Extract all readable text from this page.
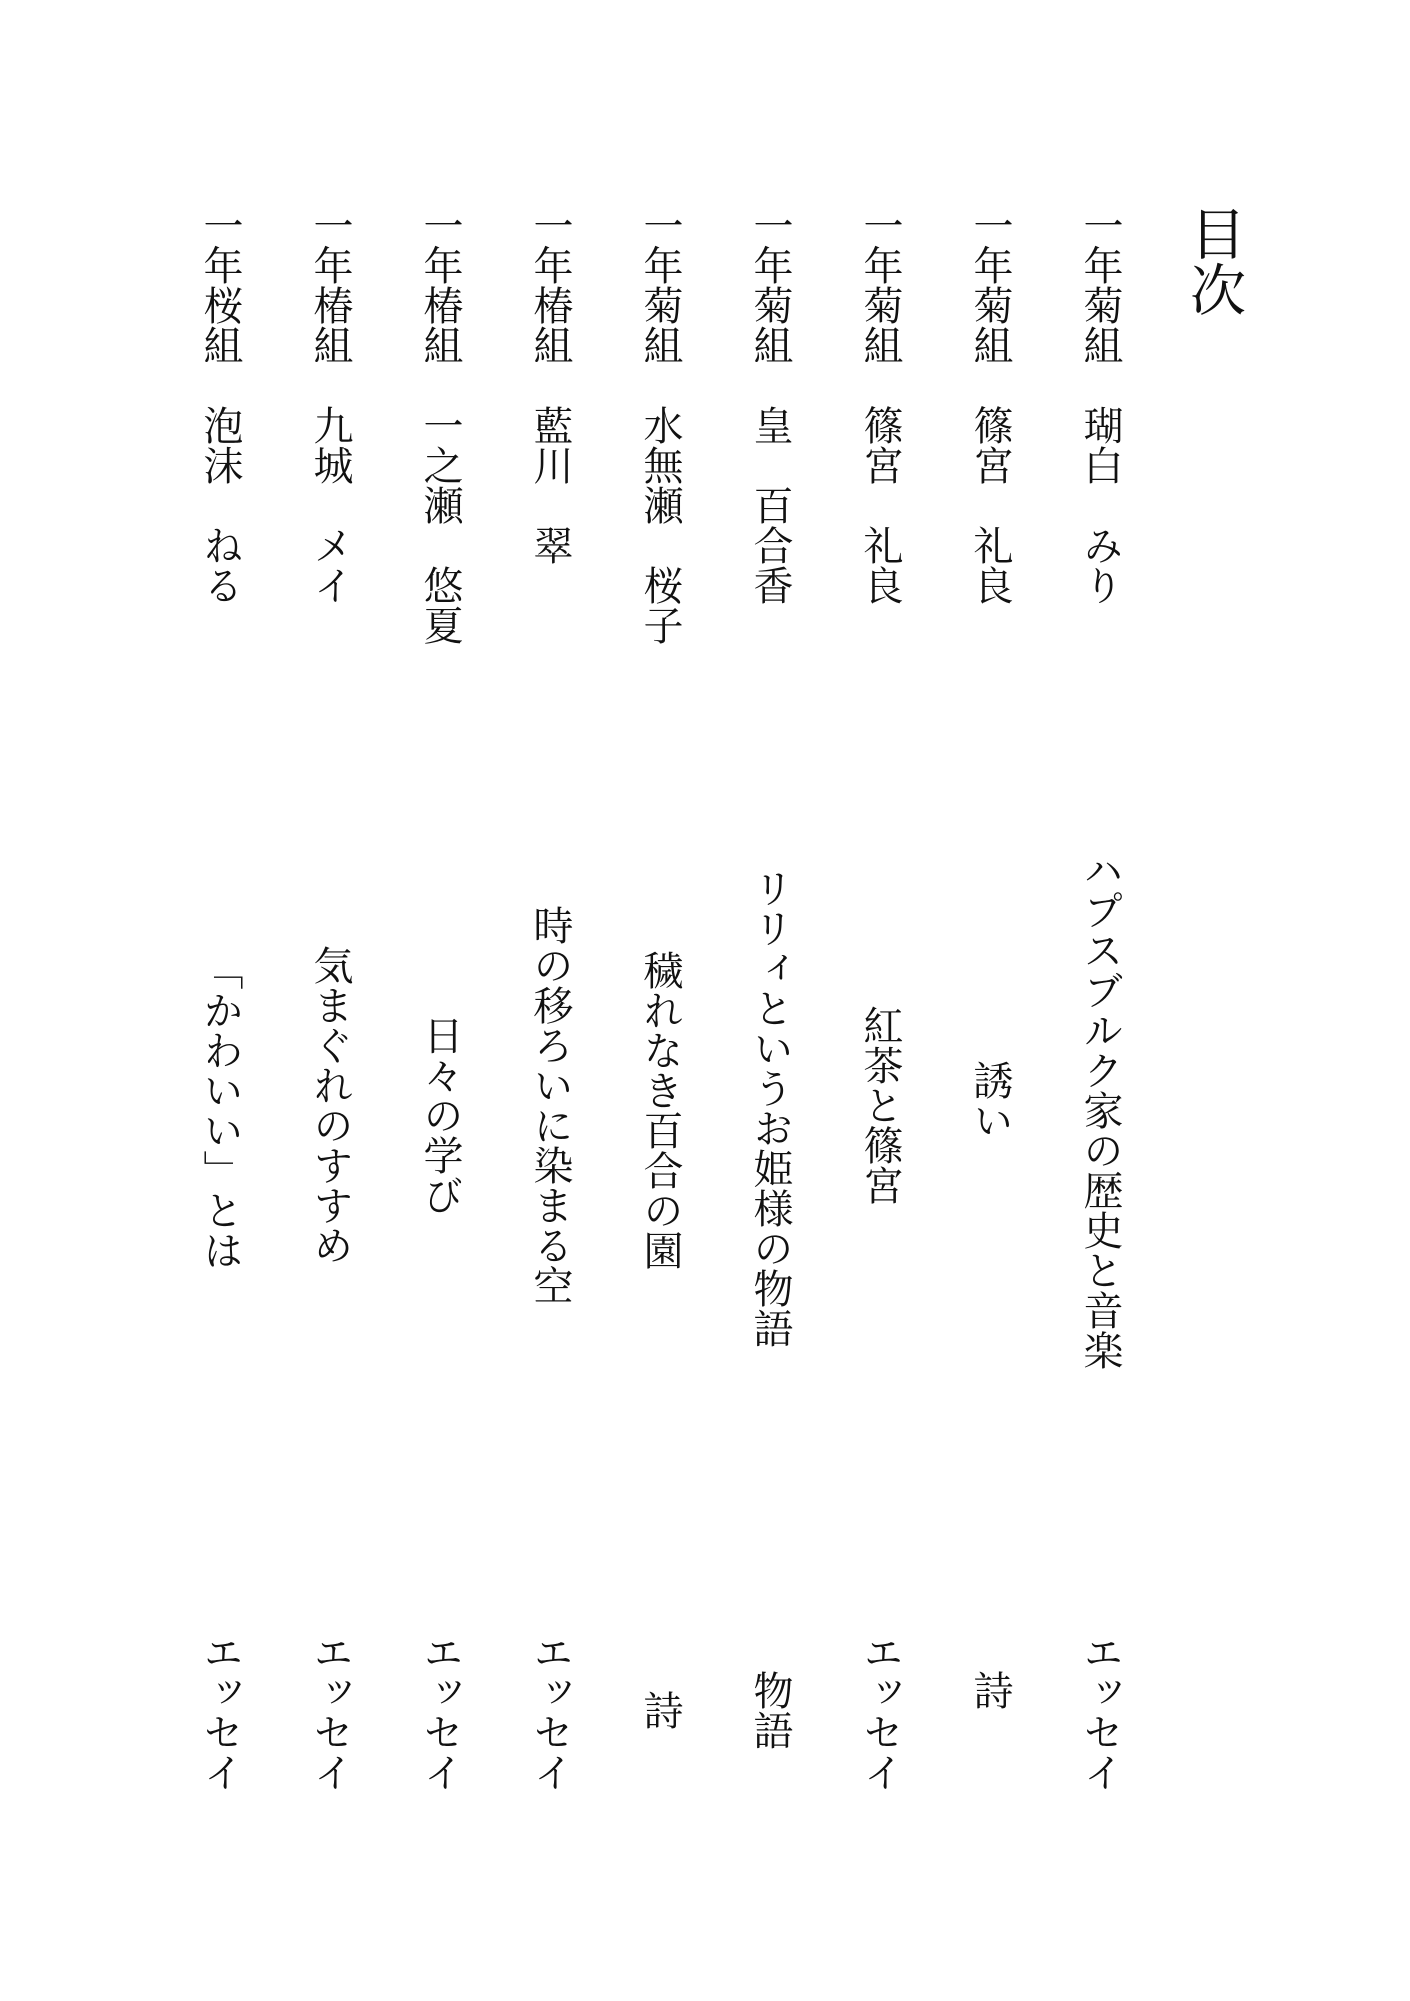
目次
一年菊組　瑚白　みり
ハプスブルク家の歴史と音楽
エッセイ
一年菊組　篠宮　礼良
誘い
詩
一年菊組　篠宮　礼良
紅茶と篠宮
エッセイ
一年菊組　皇　百合香
リリィというお姫様の物語
物語
一年菊組　水無瀬　桜子
穢れなき百合の園
詩
一年椿組　藍川　翠
時の移ろいに染まる空
エッセイ
一年椿組　一之瀬　悠夏
日々の学び
エッセイ
一年椿組　九城　メイ
気まぐれのすすめ
エッセイ
一年桜組　泡沫　ねる
「かわいい」とは
エッセイ
